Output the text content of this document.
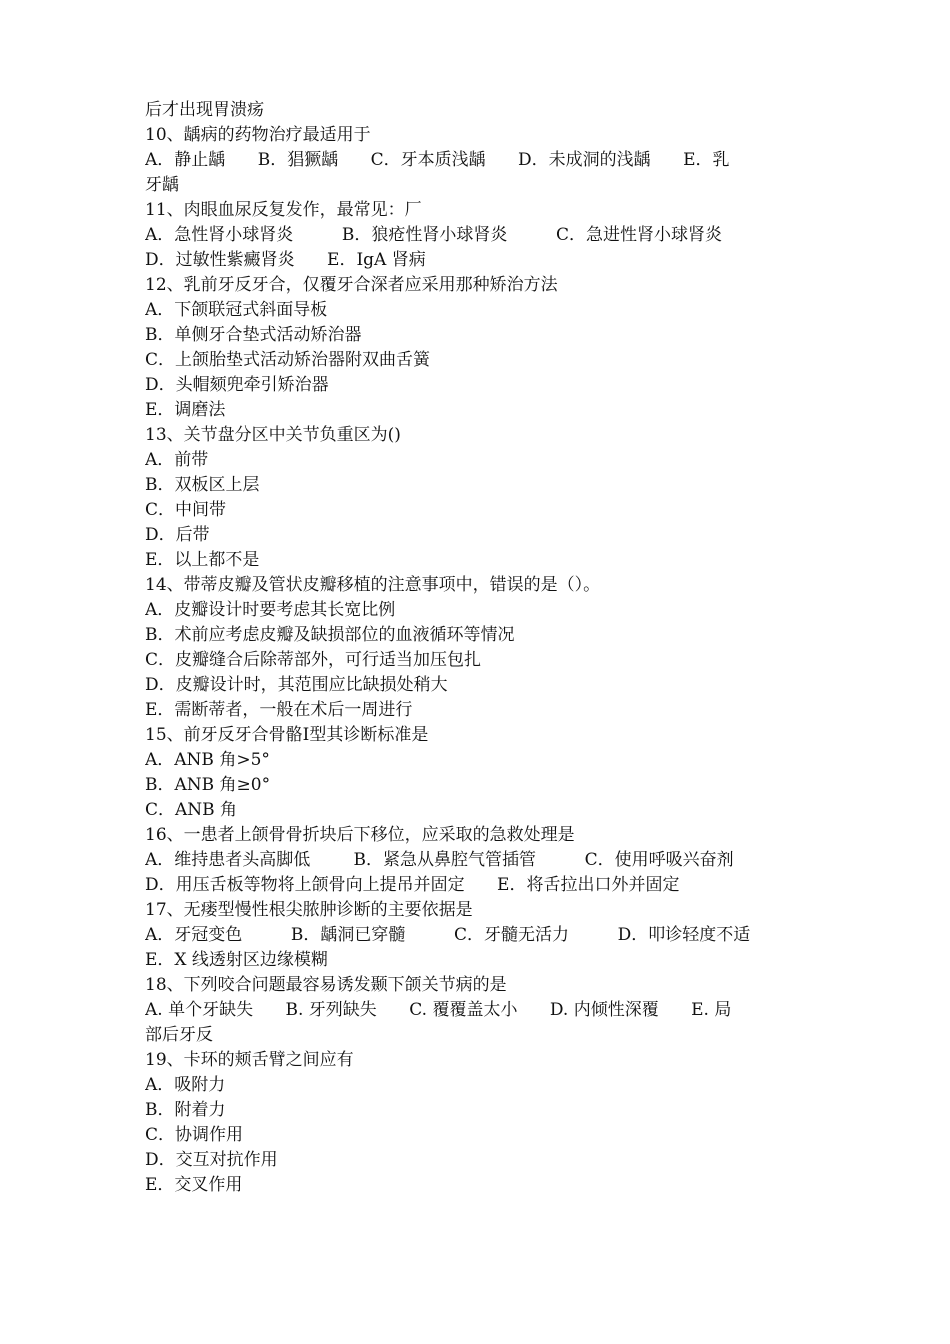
后才出现胃溃疡
10、龋病的药物治疗最适用于
A．静止龋      B．猖獗龋      C．牙本质浅龋      D．未成洞的浅龋      E．乳
牙龋
11、肉眼血尿反复发作，最常见：厂
A．急性肾小球肾炎         B．狼疮性肾小球肾炎         C．急进性肾小球肾炎
D．过敏性紫癜肾炎      E．IgA 肾病
12、乳前牙反牙合，仅覆牙合深者应采用那种矫治方法
A．下颌联冠式斜面导板
B．单侧牙合垫式活动矫治器
C．上颌胎垫式活动矫治器附双曲舌簧
D．头帽颏兜牵引矫治器
E．调磨法
13、关节盘分区中关节负重区为()
A．前带
B．双板区上层
C．中间带
D．后带
E．以上都不是
14、带蒂皮瓣及管状皮瓣移植的注意事项中，错误的是（）。
A．皮瓣设计时要考虑其长宽比例
B．术前应考虑皮瓣及缺损部位的血液循环等情况
C．皮瓣缝合后除蒂部外，可行适当加压包扎
D．皮瓣设计时，其范围应比缺损处稍大
E．需断蒂者，一般在术后一周进行
15、前牙反牙合骨骼Ⅰ型其诊断标准是
A．ANB 角>5°
B．ANB 角≥0°
C．ANB 角
16、一患者上颌骨骨折块后下移位，应采取的急救处理是
A．维持患者头高脚低        B．紧急从鼻腔气管插管         C．使用呼吸兴奋剂
D．用压舌板等物将上颌骨向上提吊并固定      E．将舌拉出口外并固定
17、无瘘型慢性根尖脓肿诊断的主要依据是
A．牙冠变色         B．龋洞已穿髓         C．牙髓无活力         D．叩诊轻度不适
E．X 线透射区边缘模糊
18、下列咬合问题最容易诱发颞下颌关节病的是
A. 单个牙缺失      B. 牙列缺失      C. 覆覆盖太小      D. 内倾性深覆      E. 局
部后牙反
19、卡环的颊舌臂之间应有
A．吸附力
B．附着力
C．协调作用
D．交互对抗作用
E．交叉作用
